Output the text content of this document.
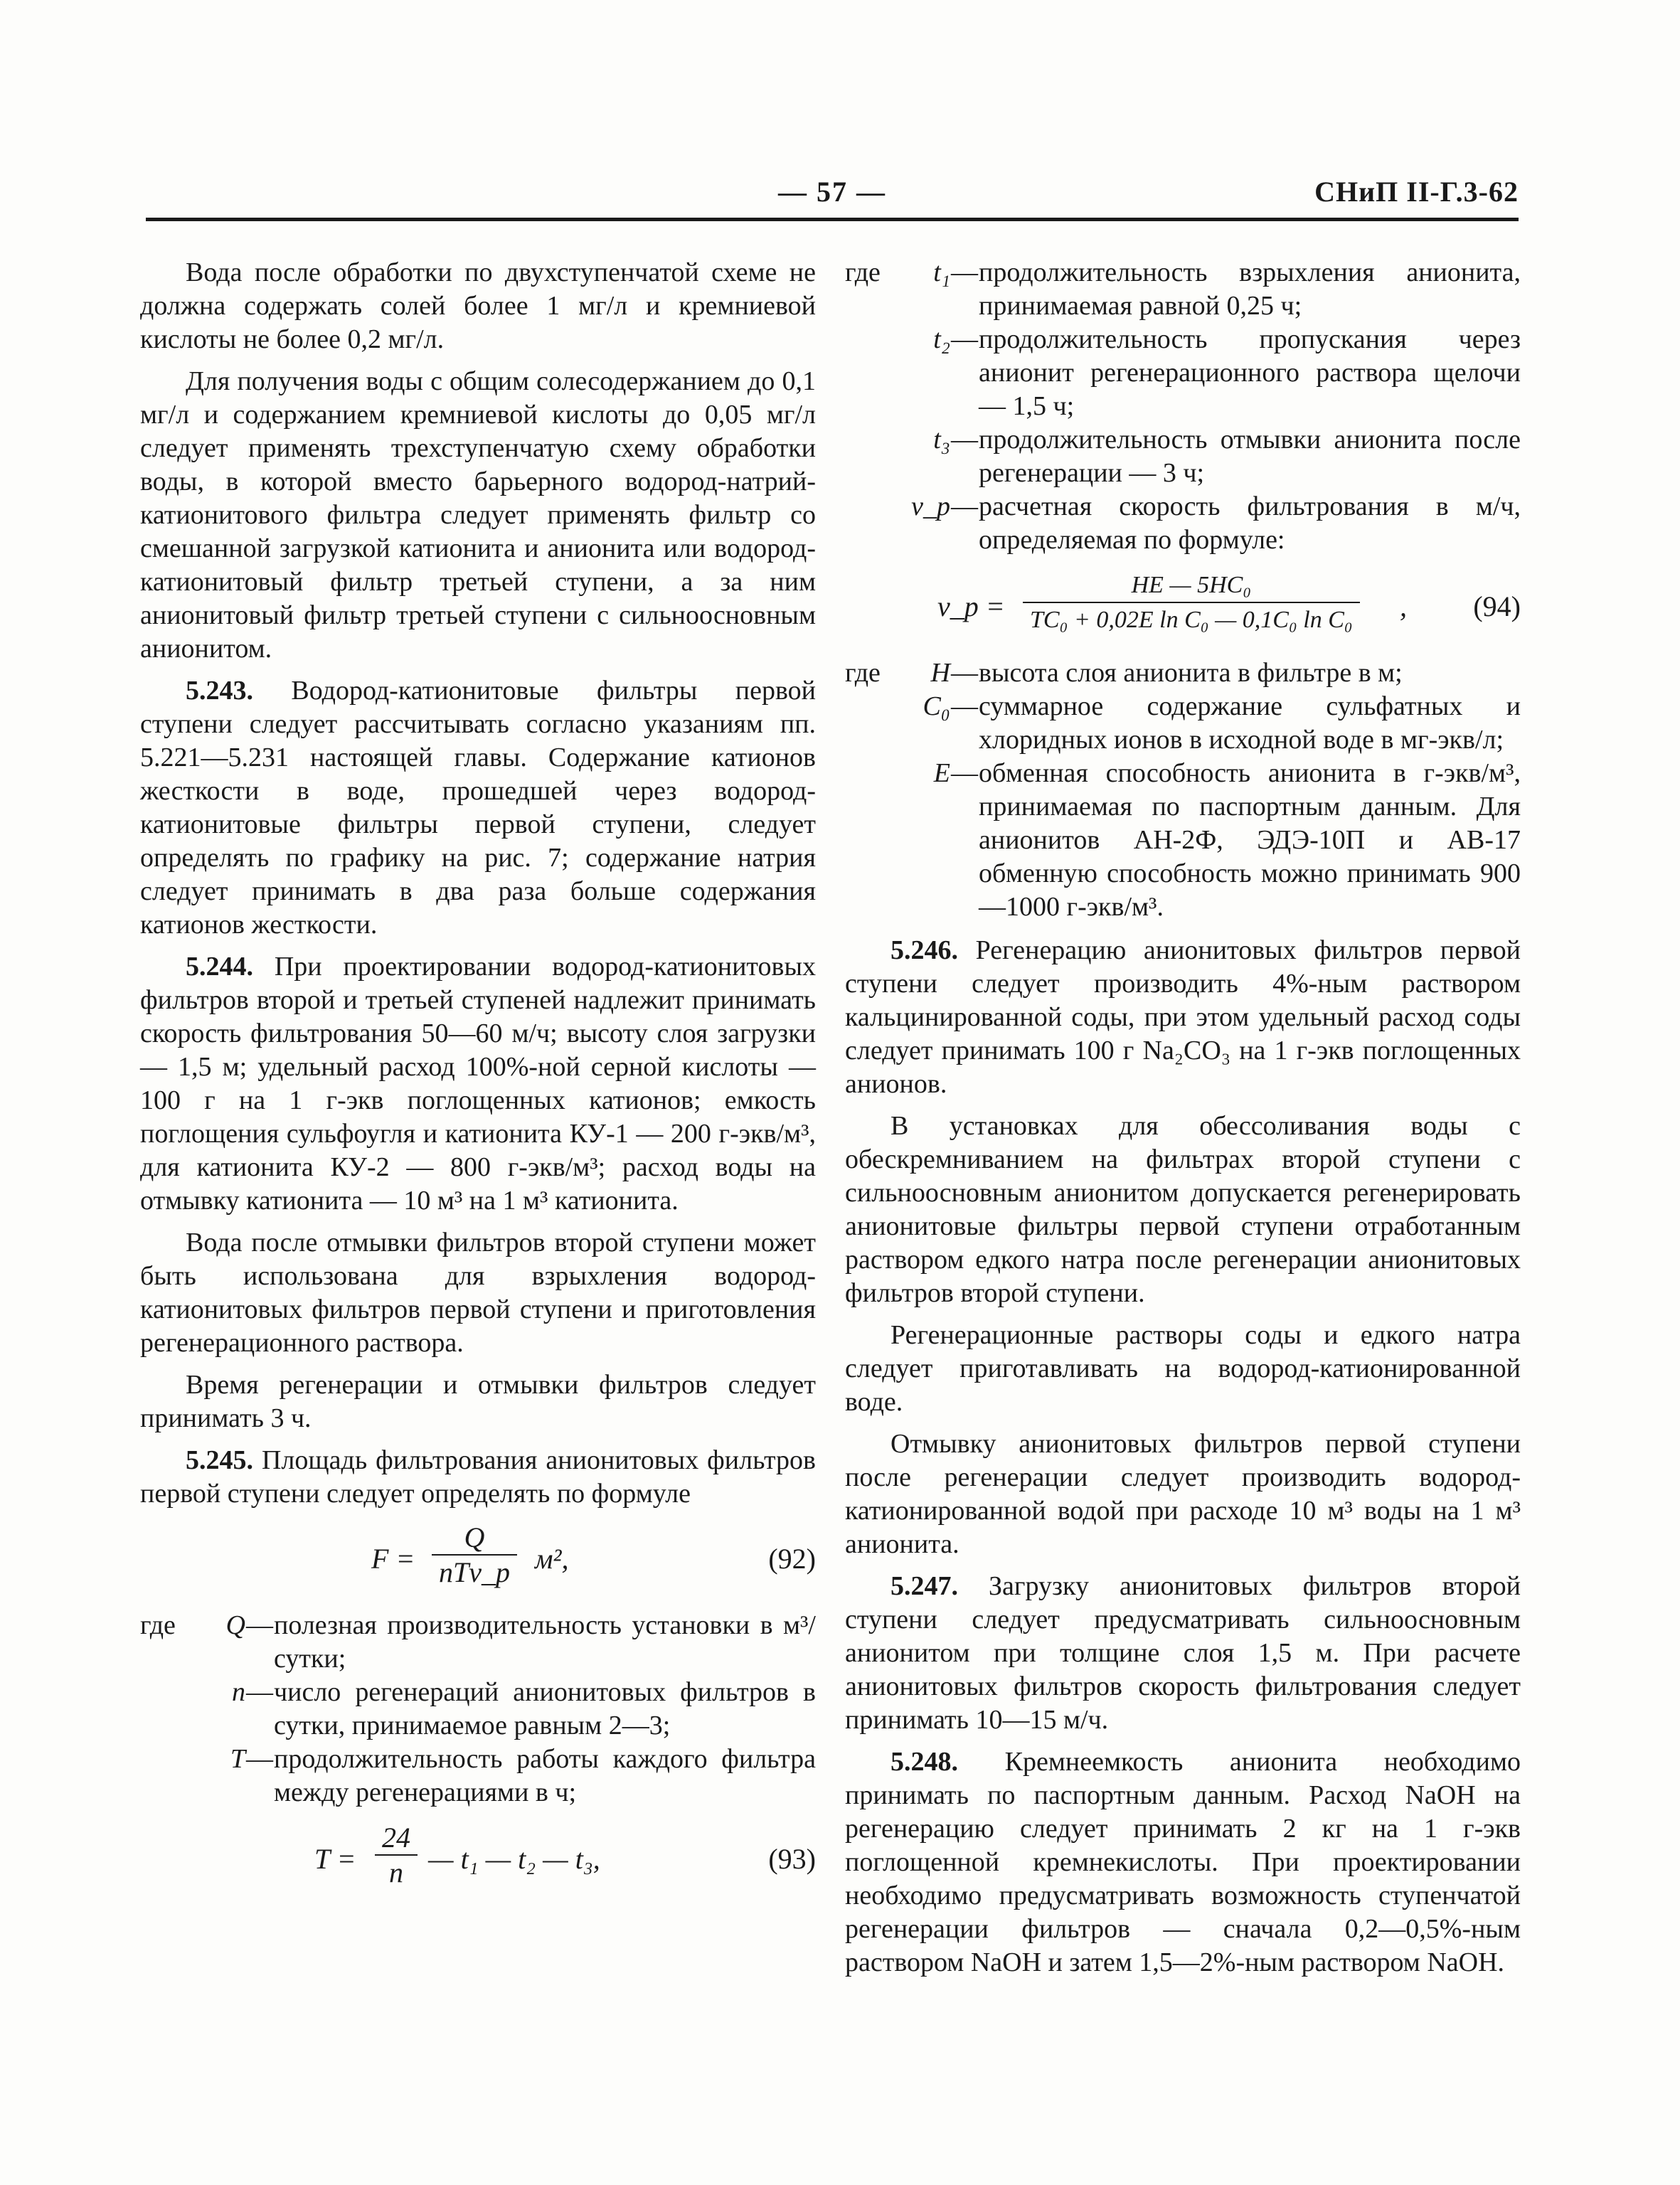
— 57 —	СНиП II-Г.3-62

Вода после обработки по двухступенчатой схеме не должна содержать солей более 1 мг/л и кремниевой кислоты не более 0,2 мг/л.

Для получения воды с общим солесодержанием до 0,1 мг/л и содержанием кремниевой кислоты до 0,05 мг/л следует применять трехступенчатую схему обработки воды, в которой вместо барьерного водород-натрий-катионитового фильтра следует применять фильтр со смешанной загрузкой катионита и анионита или водород-катионитовый фильтр третьей ступени, а за ним анионитовый фильтр третьей ступени с сильноосновным анионитом.

5.243. Водород-катионитовые фильтры первой ступени следует рассчитывать согласно указаниям пп. 5.221—5.231 настоящей главы. Содержание катионов жесткости в воде, прошедшей через водород-катионитовые фильтры первой ступени, следует определять по графику на рис. 7; содержание натрия следует принимать в два раза больше содержания катионов жесткости.

5.244. При проектировании водород-катионитовых фильтров второй и третьей ступеней надлежит принимать скорость фильтрования 50—60 м/ч; высоту слоя загрузки — 1,5 м; удельный расход 100%-ной серной кислоты — 100 г на 1 г-экв поглощенных катионов; емкость поглощения сульфоугля и катионита КУ-1 — 200 г-экв/м³, для катионита КУ-2 — 800 г-экв/м³; расход воды на отмывку катионита — 10 м³ на 1 м³ катионита.

Вода после отмывки фильтров второй ступени может быть использована для взрыхления водород-катионитовых фильтров первой ступени и приготовления регенерационного раствора.

Время регенерации и отмывки фильтров следует принимать 3 ч.

5.245. Площадь фильтрования анионитовых фильтров первой ступени следует определять по формуле

F =
Q
nTv_p м²,	(92)
где	Q — полезная производительность установки в м³/сутки;
n — число регенераций анионитовых фильтров в сутки, принимаемое равным 2—3;
T — продолжительность работы каждого фильтра между регенерациями в ч;
$T = \frac{24}{n}$ — t₁ — t₂ — t₃,	(93)
где	t₁ — продолжительность взрыхления анионита, принимаемая равной 0,25 ч;
t₂ — продолжительность пропускания через анионит регенерационного раствора щелочи — 1,5 ч;
t₃ — продолжительность отмывки анионита после регенерации — 3 ч;
v_p — расчетная скорость фильтрования в м/ч, определяемая по формуле:
v_p = $\frac{\text{HE — 5HC₀}}{\text{TC₀ + 0,02E ln C₀ — 0,1C₀ ln C₀}}$ , (94)
где	H — высота слоя анионита в фильтре в м;
C₀ — суммарное содержание сульфатных и хлоридных ионов в исходной воде в мг-экв/л;
E — обменная способность анионита в г-экв/м³, принимаемая по паспортным данным. Для анионитов АН-2Ф, ЭДЭ-10П и АВ-17 обменную способность можно принимать 900—1000 г-экв/м³.

5.246. Регенерацию анионитовых фильтров первой ступени следует производить 4%-ным раствором кальцинированной соды, при этом удельный расход соды следует принимать 100 г Na₂CO₃ на 1 г-экв поглощенных анионов.

В установках для обессоливания воды с обескремниванием на фильтрах второй ступени с сильноосновным анионитом допускается регенерировать анионитовые фильтры первой ступени отработанным раствором едкого натра после регенерации анионитовых фильтров второй ступени.

Регенерационные растворы соды и едкого натра следует приготавливать на водород-катионированной воде.

Отмывку анионитовых фильтров первой ступени после регенерации следует производить водород-катионированной водой при расходе 10 м³ воды на 1 м³ анионита.

5.247. Загрузку анионитовых фильтров второй ступени следует предусматривать сильноосновным анионитом при толщине слоя 1,5 м. При расчете анионитовых фильтров скорость фильтрования следует принимать 10—15 м/ч.

5.248. Кремнеемкость анионита необходимо принимать по паспортным данным. Расход NaOH на регенерацию следует принимать 2 кг на 1 г-экв поглощенной кремнекислоты. При проектировании необходимо предусматривать возможность ступенчатой регенерации фильтров — сначала 0,2—0,5%-ным раствором NaOH и затем 1,5—2%-ным раствором NaOH.
